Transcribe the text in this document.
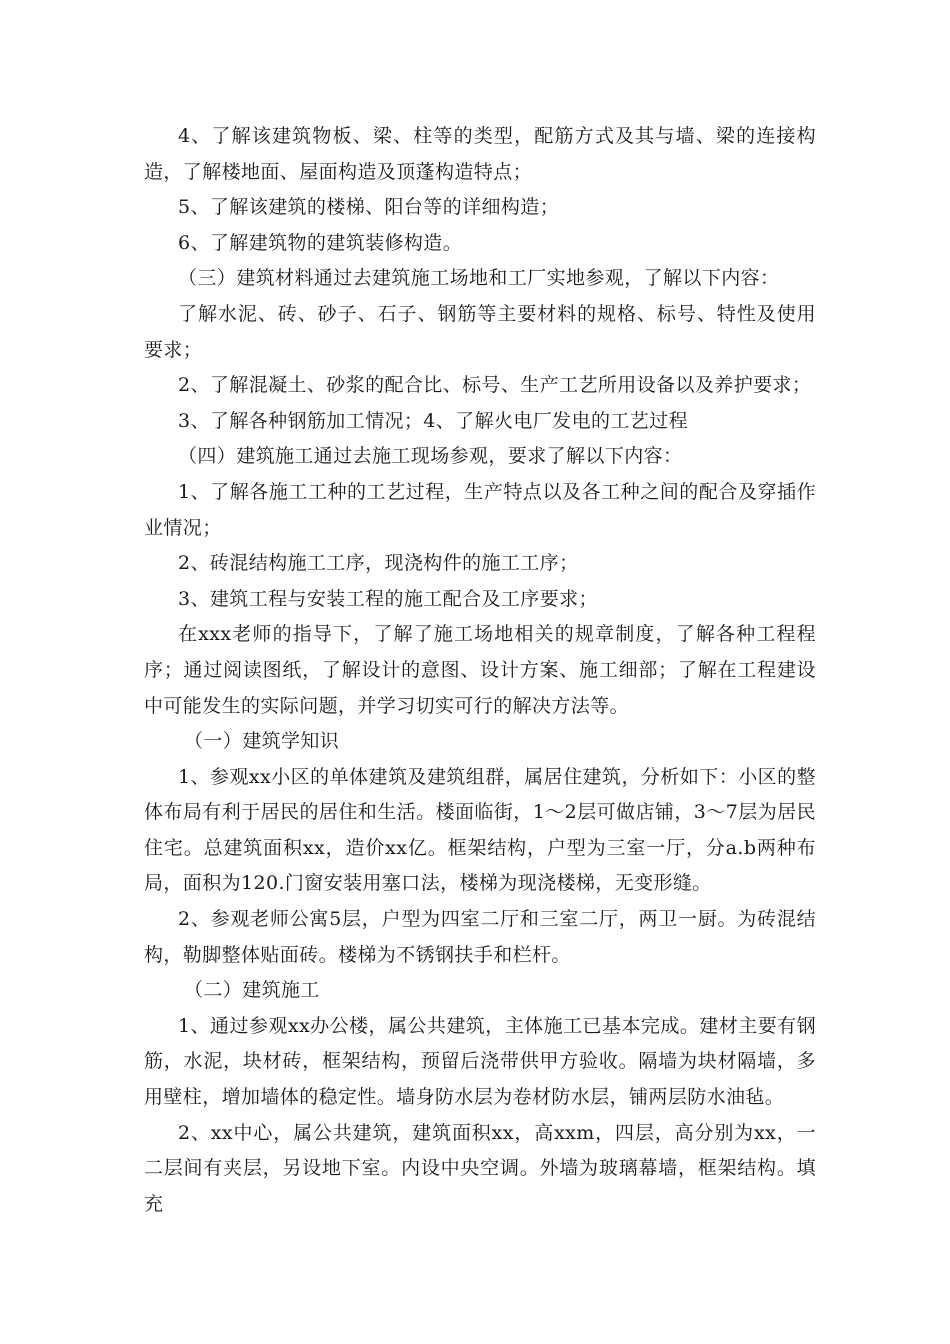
4、了解该建筑物板、梁、柱等的类型，配筋方式及其与墙、梁的连接构造，了解楼地面、屋面构造及顶蓬构造特点；

5、了解该建筑的楼梯、阳台等的详细构造；

6、了解建筑物的建筑装修构造。

（三）建筑材料通过去建筑施工场地和工厂实地参观，了解以下内容：

了解水泥、砖、砂子、石子、钢筋等主要材料的规格、标号、特性及使用要求；

2、了解混凝土、砂浆的配合比、标号、生产工艺所用设备以及养护要求；

3、了解各种钢筋加工情况；4、了解火电厂发电的工艺过程

（四）建筑施工通过去施工现场参观，要求了解以下内容：

1、了解各施工工种的工艺过程，生产特点以及各工种之间的配合及穿插作业情况；

2、砖混结构施工工序，现浇构件的施工工序；

3、建筑工程与安装工程的施工配合及工序要求；

在xxx老师的指导下，了解了施工场地相关的规章制度，了解各种工程程序；通过阅读图纸，了解设计的意图、设计方案、施工细部；了解在工程建设中可能发生的实际问题，并学习切实可行的解决方法等。

（一）建筑学知识

1、参观xx小区的单体建筑及建筑组群，属居住建筑，分析如下：小区的整体布局有利于居民的居住和生活。楼面临街，1～2层可做店铺，3～7层为居民住宅。总建筑面积xx，造价xx亿。框架结构，户型为三室一厅，分a.b两种布局，面积为120.门窗安装用塞口法，楼梯为现浇楼梯，无变形缝。

2、参观老师公寓5层，户型为四室二厅和三室二厅，两卫一厨。为砖混结构，勒脚整体贴面砖。楼梯为不锈钢扶手和栏杆。

（二）建筑施工

1、通过参观xx办公楼，属公共建筑，主体施工已基本完成。建材主要有钢筋，水泥，块材砖，框架结构，预留后浇带供甲方验收。隔墙为块材隔墙，多用壁柱，增加墙体的稳定性。墙身防水层为卷材防水层，铺两层防水油毡。

2、xx中心，属公共建筑，建筑面积xx，高xxm，四层，高分别为xx，一二层间有夹层，另设地下室。内设中央空调。外墙为玻璃幕墙，框架结构。填充
